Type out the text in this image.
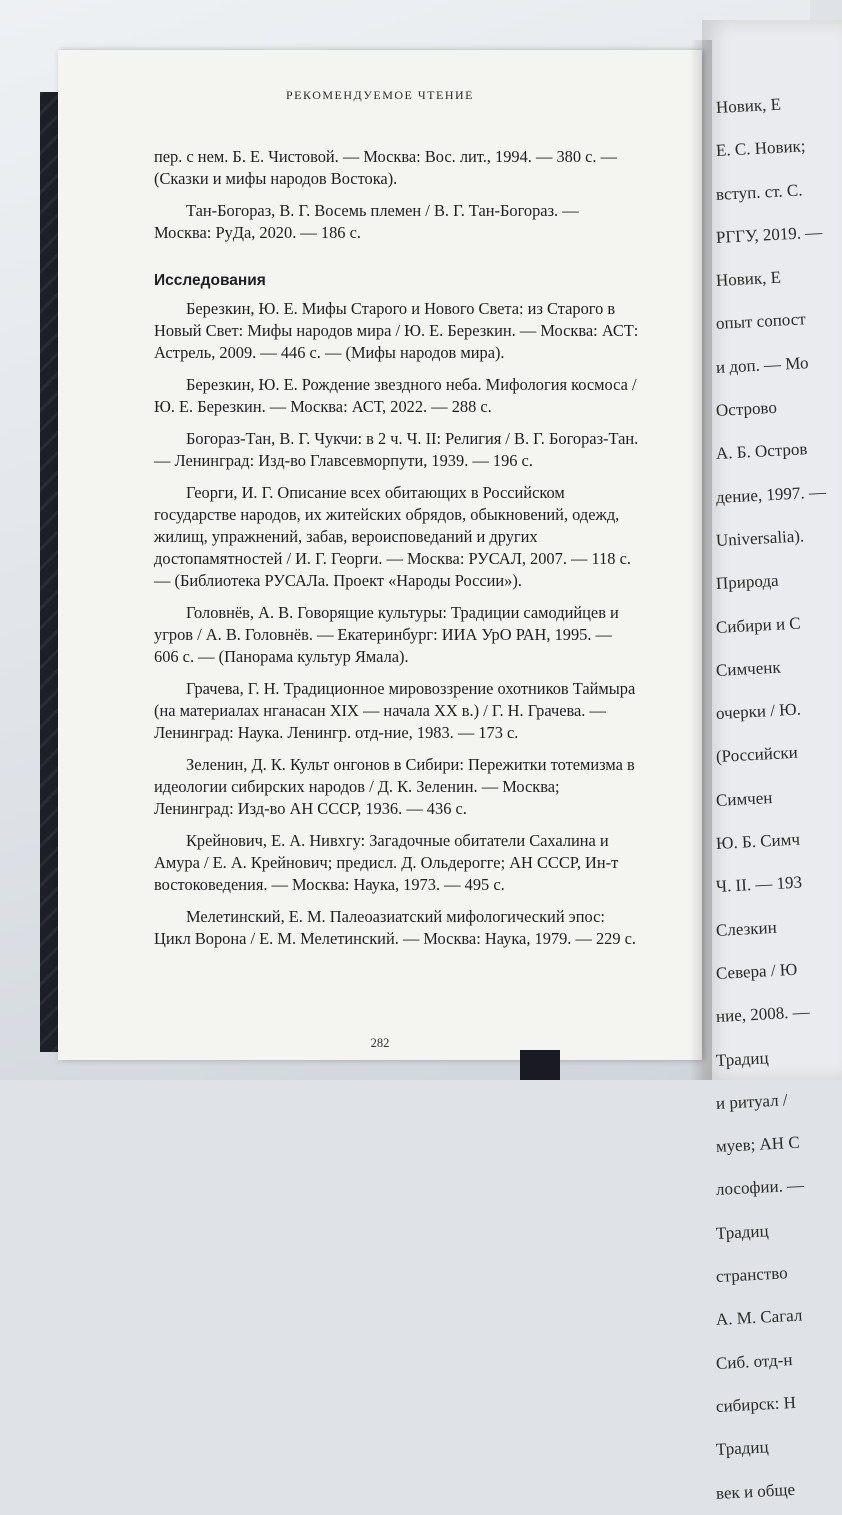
Новик, Е
Е. С. Новик;
вступ. ст. С.
РГГУ, 2019. —
Новик, Е
опыт сопост
и доп. — Мо
Острово
А. Б. Остров
дение, 1997. —
Universalia).
Природа
Сибири и С
Симченк
очерки / Ю.
(Российски
Симчен
Ю. Б. Симч
Ч. II. — 193
Слезкин
Севера / Ю
ние, 2008. —
Традиц
и ритуал /
муев; АН С
лософии. —
Традиц
странство
А. М. Сагал
Сиб. отд-н
сибирск: Н
Традиц
век и обще
РЕКОМЕНДУЕМОЕ ЧТЕНИЕ

пер. с нем. Б. Е. Чистовой. — Москва: Вос. лит., 1994. — 380 с. — (Сказки и мифы народов Востока).

Тан-Богораз, В. Г. Восемь племен / В. Г. Тан-Богораз. — Москва: РуДа, 2020. — 186 с.

Исследования

Березкин, Ю. Е. Мифы Старого и Нового Света: из Старого в Новый Свет: Мифы народов мира / Ю. Е. Березкин. — Москва: АСТ: Астрель, 2009. — 446 с. — (Мифы народов мира).

Березкин, Ю. Е. Рождение звездного неба. Мифология космоса / Ю. Е. Березкин. — Москва: АСТ, 2022. — 288 с.

Богораз-Тан, В. Г. Чукчи: в 2 ч. Ч. II: Религия / В. Г. Богораз-Тан. — Ленинград: Изд-во Главсевморпути, 1939. — 196 с.

Георги, И. Г. Описание всех обитающих в Российском государстве народов, их житейских обрядов, обыкновений, одежд, жилищ, упражнений, забав, вероисповеданий и других достопамятностей / И. Г. Георги. — Москва: РУСАЛ, 2007. — 118 с. — (Библиотека РУСАЛа. Проект «Народы России»).

Головнёв, А. В. Говорящие культуры: Традиции самодийцев и угров / А. В. Головнёв. — Екатеринбург: ИИА УрО РАН, 1995. — 606 с. — (Панорама культур Ямала).

Грачева, Г. Н. Традиционное мировоззрение охотников Таймыра (на материалах нганасан XIX — начала XX в.) / Г. Н. Грачева. — Ленинград: Наука. Ленингр. отд-ние, 1983. — 173 с.

Зеленин, Д. К. Культ онгонов в Сибири: Пережитки тотемизма в идеологии сибирских народов / Д. К. Зеленин. — Москва; Ленинград: Изд-во АН СССР, 1936. — 436 с.

Крейнович, Е. А. Нивхгу: Загадочные обитатели Сахалина и Амура / Е. А. Крейнович; предисл. Д. Ольдерогге; АН СССР, Ин-т востоковедения. — Москва: Наука, 1973. — 495 с.

Мелетинский, Е. М. Палеоазиатский мифологический эпос: Цикл Ворона / Е. М. Мелетинский. — Москва: Наука, 1979. — 229 с.

282
